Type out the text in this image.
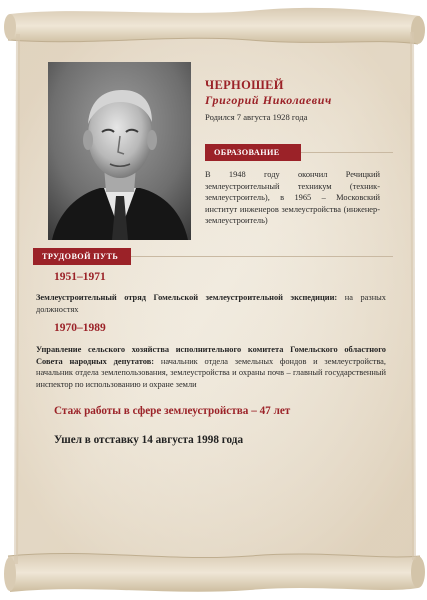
ЧЕРНОШЕЙ
Григорий Николаевич
Родился 7 августа 1928 года
ОБРАЗОВАНИЕ
В 1948 году окончил Речицкий землеустроительный техникум (техник-землеустроитель), в 1965 – Московский институт инженеров землеустройства (инженер-землеустроитель)
ТРУДОВОЙ ПУТЬ
1951–1971
Землеустроительный отряд Гомельской землеустроительной экспедиции: на разных должностях
1970–1989
Управление сельского хозяйства исполнительного комитета Гомельского областного Совета народных депутатов: начальник отдела земельных фондов и землеустройства, начальник отдела землепользования, землеустройства и охраны почв – главный государственный инспектор по использованию и охране земли
Стаж работы в сфере землеустройства – 47 лет
Ушел в отставку 14 августа 1998 года
